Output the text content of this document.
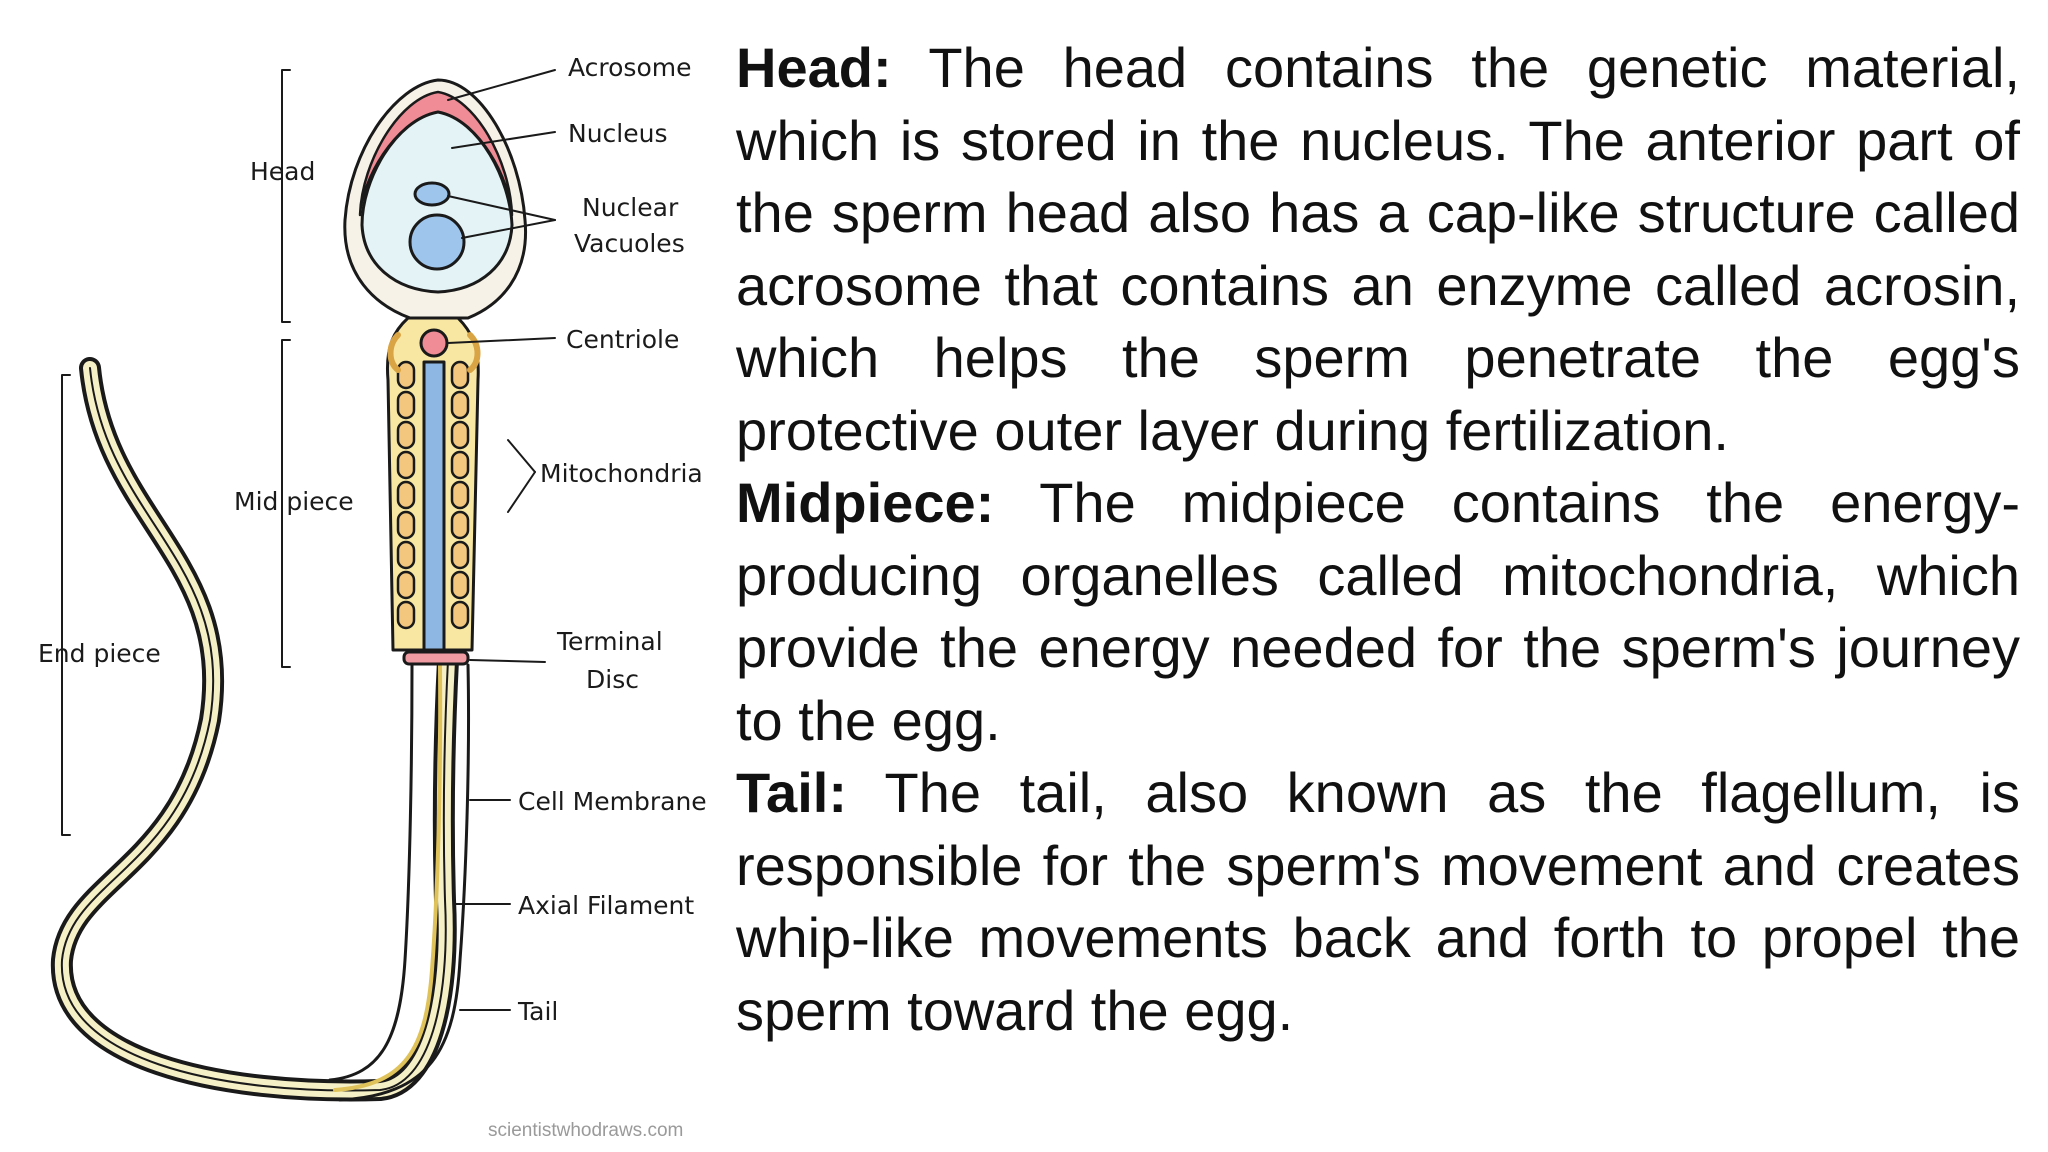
Acrosome
Nucleus
Nuclear
Vacuoles
Centriole
Mitochondria
Terminal
Disc
Cell Membrane
Axial Filament
Tail
Head
Mid piece
End piece
scientistwhodraws.com

Head: The head contains the genetic material, which is stored in the nucleus. The anterior part of the sperm head also has a cap-like structure called acrosome that contains an enzyme called acrosin, which helps the sperm penetrate the egg's protective outer layer during fertilization.

Midpiece: The midpiece contains the energy-producing organelles called mitochondria, which provide the energy needed for the sperm's journey to the egg.

Tail: The tail, also known as the flagellum, is responsible for the sperm's movement and creates whip-like movements back and forth to propel the sperm toward the egg.
